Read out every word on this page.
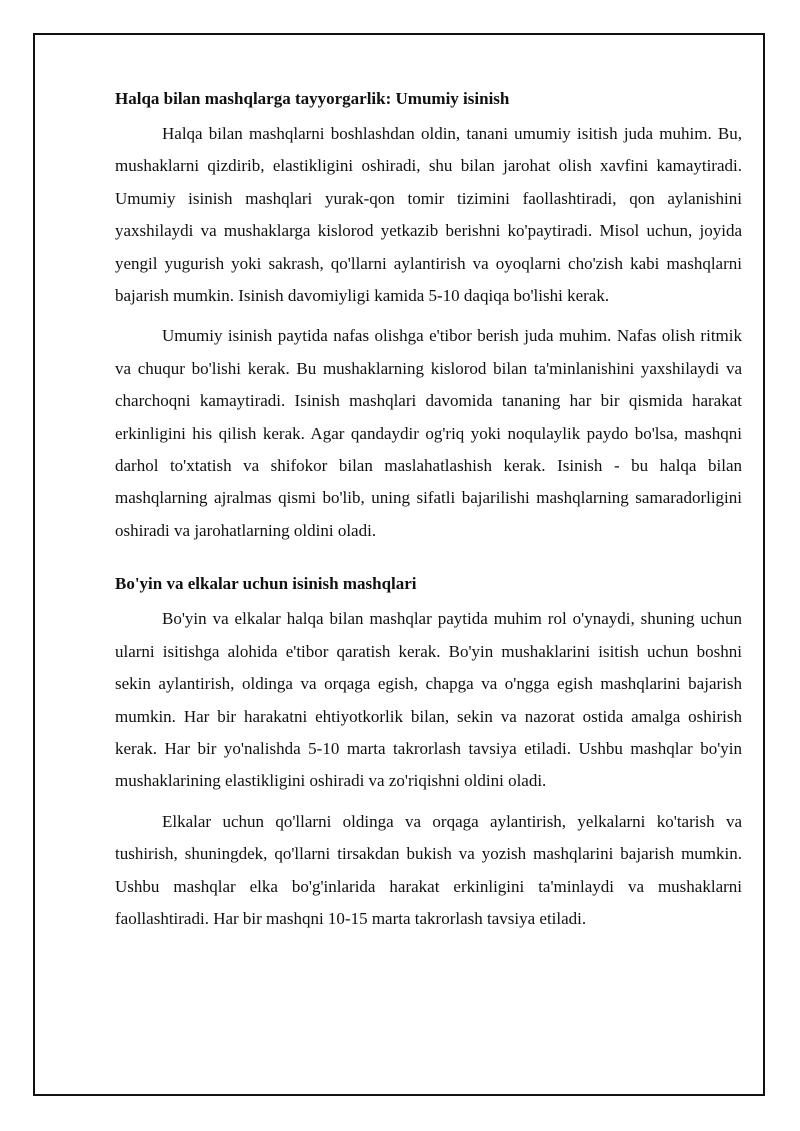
Halqa bilan mashqlarga tayyorgarlik: Umumiy isinish

Halqa bilan mashqlarni boshlashdan oldin, tanani umumiy isitish juda muhim. Bu, mushaklarni qizdirib, elastikligini oshiradi, shu bilan jarohat olish xavfini kamaytiradi. Umumiy isinish mashqlari yurak-qon tomir tizimini faollashtiradi, qon aylanishini yaxshilaydi va mushaklarga kislorod yetkazib berishni ko'paytiradi. Misol uchun, joyida yengil yugurish yoki sakrash, qo'llarni aylantirish va oyoqlarni cho'zish kabi mashqlarni bajarish mumkin. Isinish davomiyligi kamida 5-10 daqiqa bo'lishi kerak.

Umumiy isinish paytida nafas olishga e'tibor berish juda muhim. Nafas olish ritmik va chuqur bo'lishi kerak. Bu mushaklarning kislorod bilan ta'minlanishini yaxshilaydi va charchoqni kamaytiradi. Isinish mashqlari davomida tananing har bir qismida harakat erkinligini his qilish kerak. Agar qandaydir og'riq yoki noqulaylik paydo bo'lsa, mashqni darhol to'xtatish va shifokor bilan maslahatlashish kerak. Isinish - bu halqa bilan mashqlarning ajralmas qismi bo'lib, uning sifatli bajarilishi mashqlarning samaradorligini oshiradi va jarohatlarning oldini oladi.

Bo'yin va elkalar uchun isinish mashqlari

Bo'yin va elkalar halqa bilan mashqlar paytida muhim rol o'ynaydi, shuning uchun ularni isitishga alohida e'tibor qaratish kerak. Bo'yin mushaklarini isitish uchun boshni sekin aylantirish, oldinga va orqaga egish, chapga va o'ngga egish mashqlarini bajarish mumkin. Har bir harakatni ehtiyotkorlik bilan, sekin va nazorat ostida amalga oshirish kerak. Har bir yo'nalishda 5-10 marta takrorlash tavsiya etiladi. Ushbu mashqlar bo'yin mushaklarining elastikligini oshiradi va zo'riqishni oldini oladi.

Elkalar uchun qo'llarni oldinga va orqaga aylantirish, yelkalarni ko'tarish va tushirish, shuningdek, qo'llarni tirsakdan bukish va yozish mashqlarini bajarish mumkin. Ushbu mashqlar elka bo'g'inlarida harakat erkinligini ta'minlaydi va mushaklarni faollashtiradi. Har bir mashqni 10-15 marta takrorlash tavsiya etiladi.
